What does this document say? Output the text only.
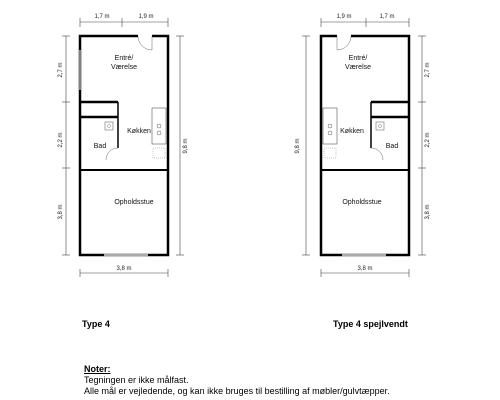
1,7 m	1,9 m
Entré/
Værelse
Køkken
Bad
Opholdsstue
2,7 m
2,2 m
3,8 m
9,8 m
3,8 m
1,9 m	1,7 m
Entré/
Værelse
Køkken
Bad
Opholdsstue
9,8 m
2,7 m
2,2 m
3,8 m
3,8 m
Type 4	Type 4 spejlvendt
Noter:
Tegningen er ikke målfast.
Alle mål er vejledende, og kan ikke bruges til bestilling af møbler/gulvtæpper.
